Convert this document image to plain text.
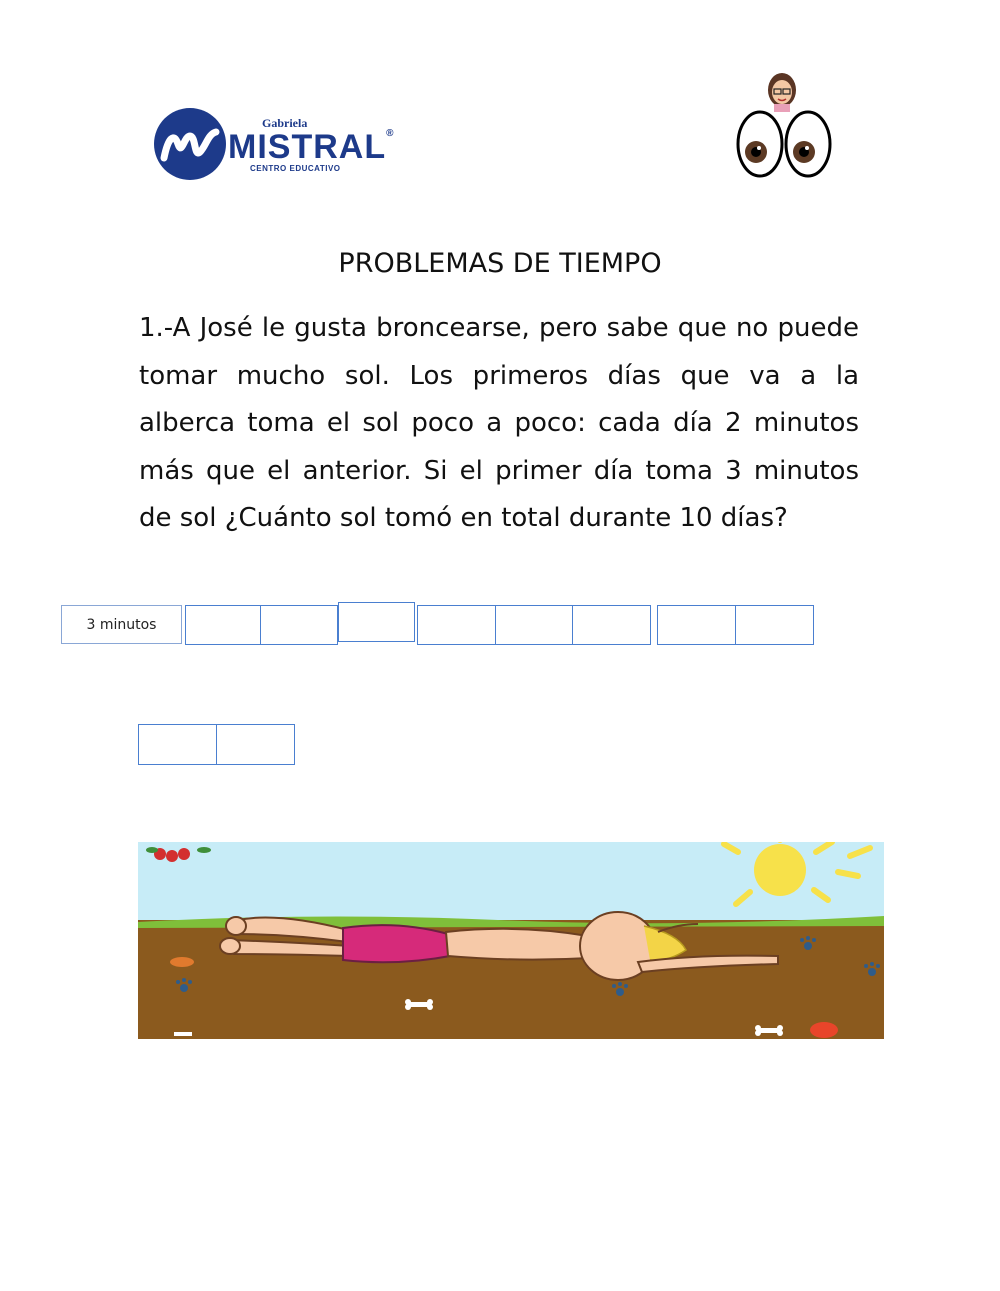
Gabriela
MISTRAL®
CENTRO EDUCATIVO
PROBLEMAS DE TIEMPO

1.-A José le gusta broncearse, pero sabe que no puede tomar mucho sol. Los primeros días que va a la alberca toma el sol poco a poco: cada día 2 minutos más que el anterior. Si el primer día toma 3 minutos de sol ¿Cuánto sol tomó en total durante 10 días?

3 minutos
